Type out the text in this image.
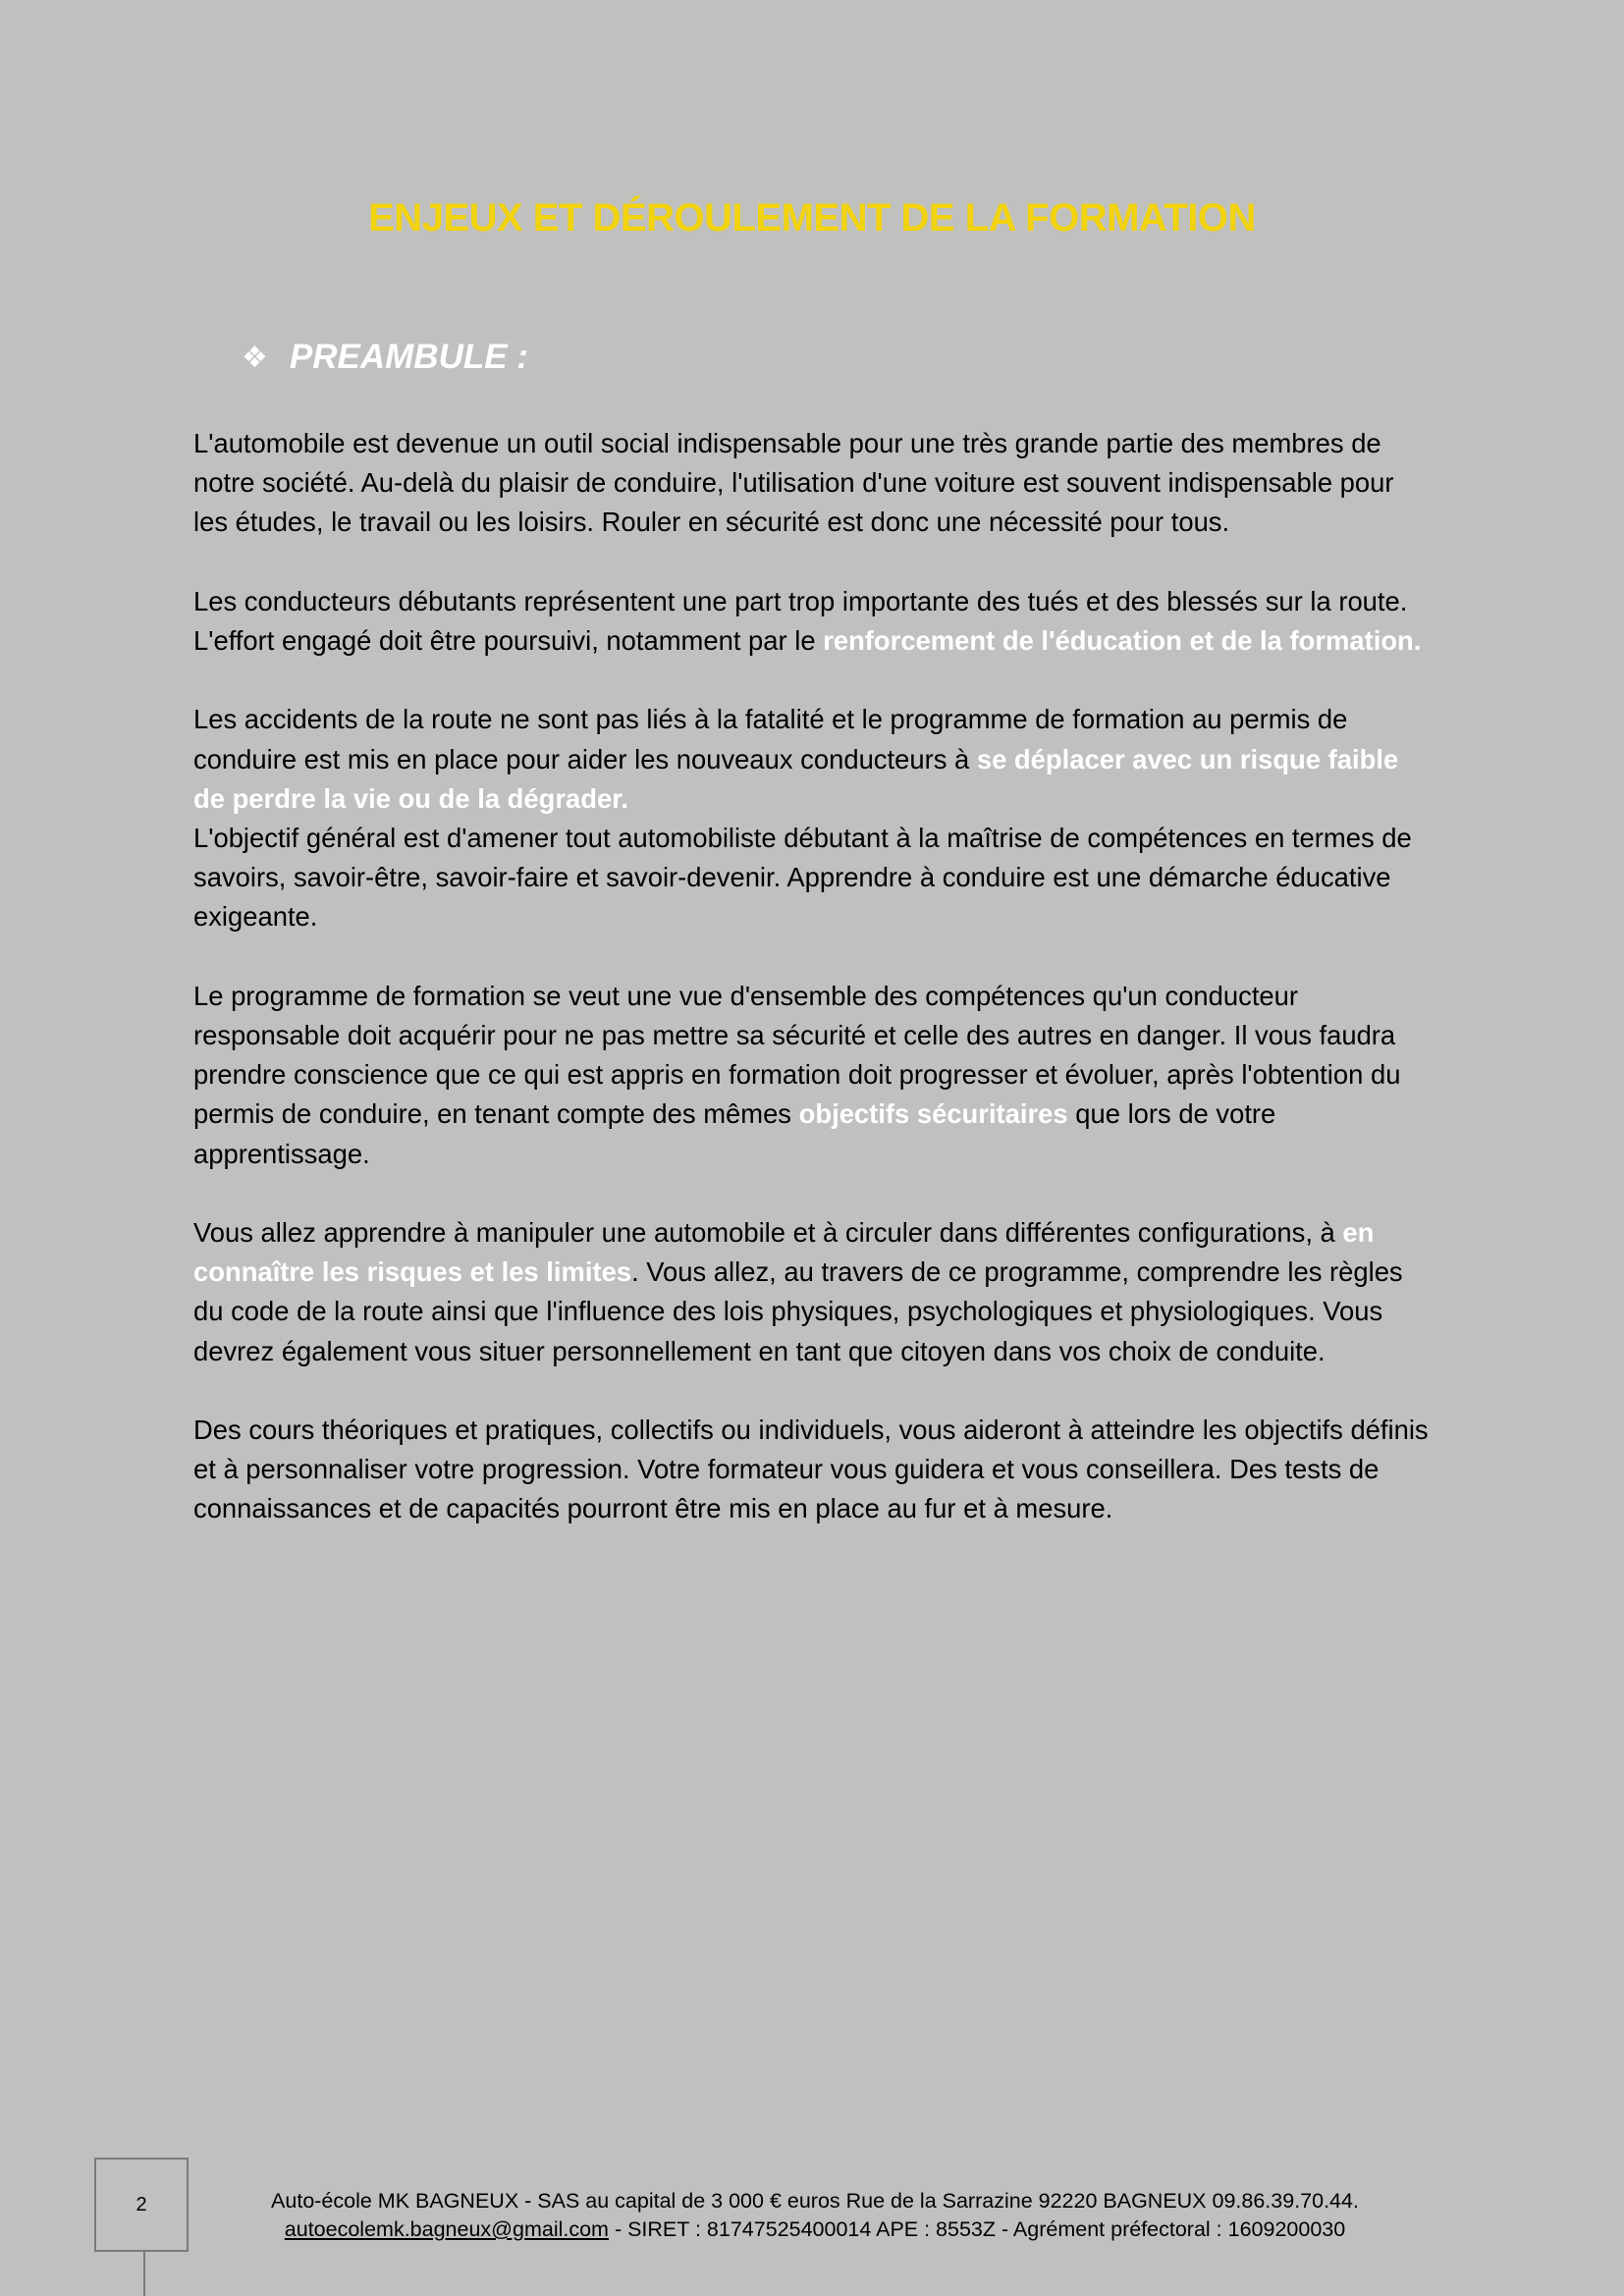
ENJEUX ET DÉROULEMENT DE LA FORMATION
❖ PREAMBULE :

L'automobile est devenue un outil social indispensable pour une très grande partie des membres de notre société. Au-delà du plaisir de conduire, l'utilisation d'une voiture est souvent indispensable pour les études, le travail ou les loisirs. Rouler en sécurité est donc une nécessité pour tous.

Les conducteurs débutants représentent une part trop importante des tués et des blessés sur la route. L'effort engagé doit être poursuivi, notamment par le renforcement de l'éducation et de la formation.

Les accidents de la route ne sont pas liés à la fatalité et le programme de formation au permis de conduire est mis en place pour aider les nouveaux conducteurs à se déplacer avec un risque faible de perdre la vie ou de la dégrader.

L'objectif général est d'amener tout automobiliste débutant à la maîtrise de compétences en termes de savoirs, savoir-être, savoir-faire et savoir-devenir. Apprendre à conduire est une démarche éducative exigeante.

Le programme de formation se veut une vue d'ensemble des compétences qu'un conducteur responsable doit acquérir pour ne pas mettre sa sécurité et celle des autres en danger. Il vous faudra prendre conscience que ce qui est appris en formation doit progresser et évoluer, après l'obtention du permis de conduire, en tenant compte des mêmes objectifs sécuritaires que lors de votre apprentissage.

Vous allez apprendre à manipuler une automobile et à circuler dans différentes configurations, à en connaître les risques et les limites. Vous allez, au travers de ce programme, comprendre les règles du code de la route ainsi que l'influence des lois physiques, psychologiques et physiologiques. Vous devrez également vous situer personnellement en tant que citoyen dans vos choix de conduite.

Des cours théoriques et pratiques, collectifs ou individuels, vous aideront à atteindre les objectifs définis et à personnaliser votre progression. Votre formateur vous guidera et vous conseillera. Des tests de connaissances et de capacités pourront être mis en place au fur et à mesure.

2	Auto-école MK BAGNEUX - SAS au capital de 3 000 € euros Rue de la Sarrazine 92220 BAGNEUX 09.86.39.70.44.
autoecolemk.bagneux@gmail.com - SIRET : 81747525400014 APE : 8553Z - Agrément préfectoral : 1609200030
